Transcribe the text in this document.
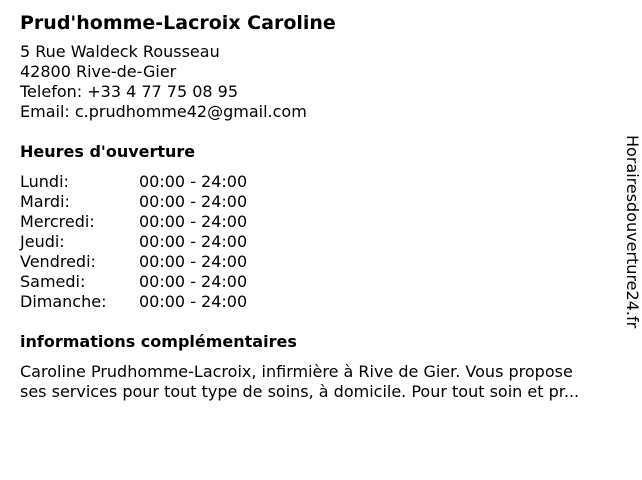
Prud'homme-Lacroix Caroline
5 Rue Waldeck Rousseau
42800 Rive-de-Gier
Telefon: +33 4 77 75 08 95
Email: c.prudhomme42@gmail.com
Heures d'ouverture
Lundi:	00:00 - 24:00
Mardi:	00:00 - 24:00
Mercredi:	00:00 - 24:00
Jeudi:	00:00 - 24:00
Vendredi:	00:00 - 24:00
Samedi:	00:00 - 24:00
Dimanche:	00:00 - 24:00
informations complémentaires
Caroline Prudhomme-Lacroix, infirmière à Rive de Gier. Vous propose
ses services pour tout type de soins, à domicile. Pour tout soin et pr...
Horairesdouverture24.fr
